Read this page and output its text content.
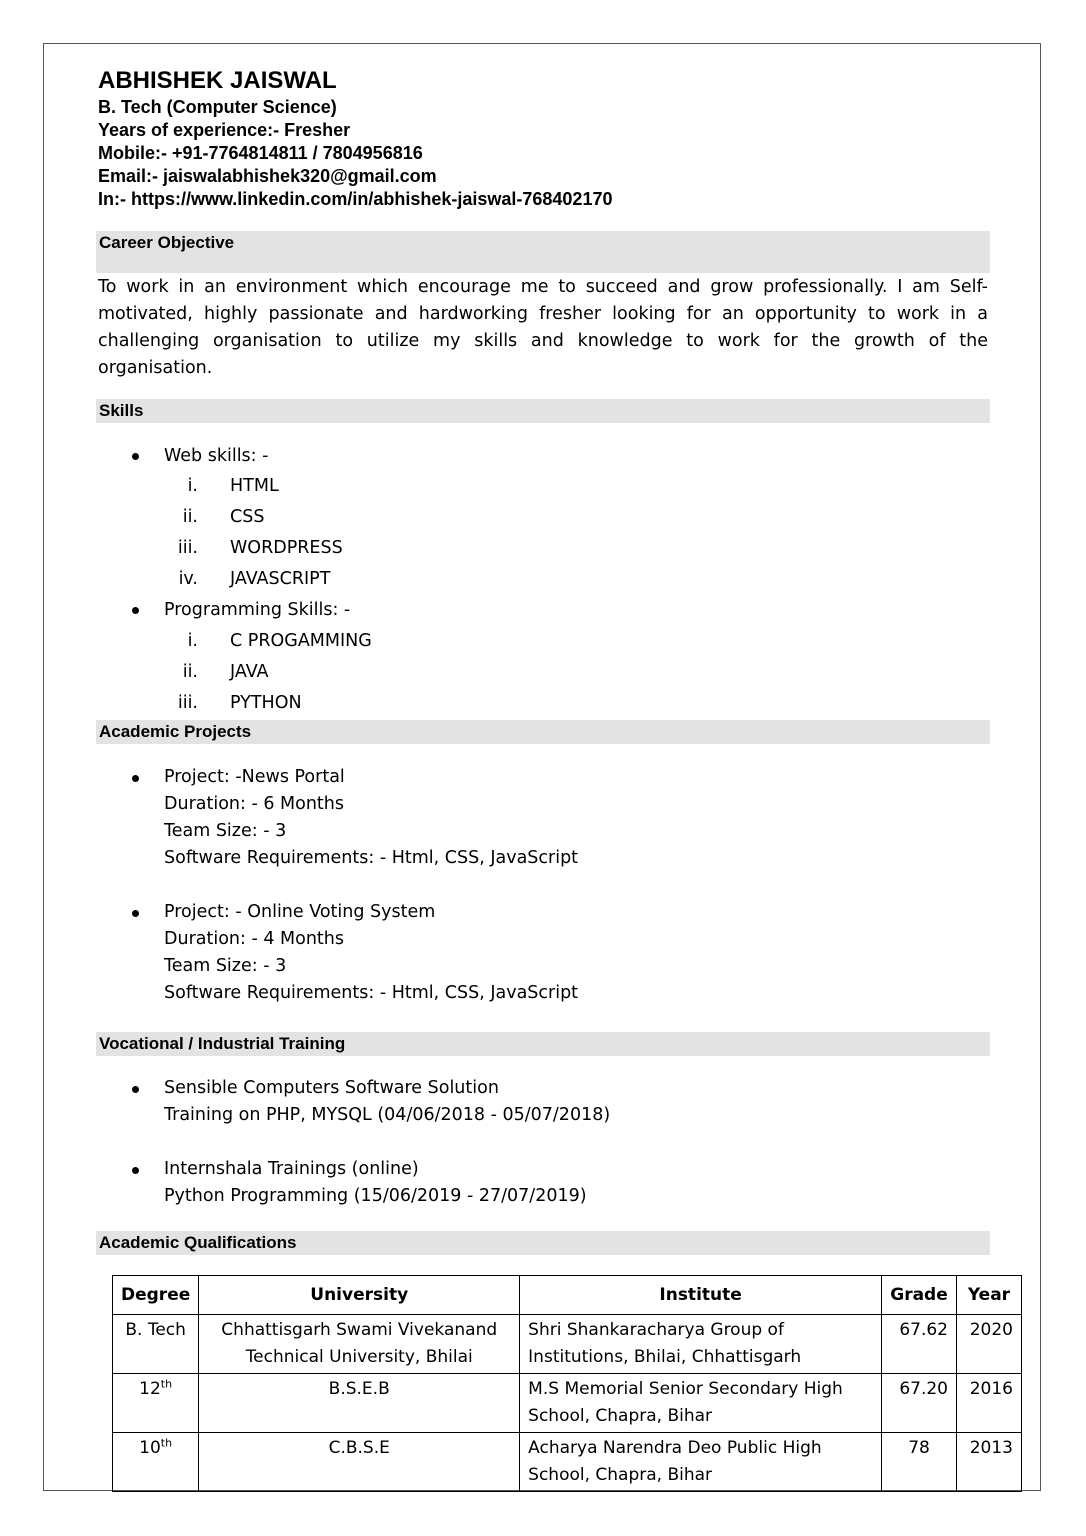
ABHISHEK JAISWAL
B. Tech (Computer Science)
Years of experience:- Fresher
Mobile:- +91-7764814811 / 7804956816
Email:- jaiswalabhishek320@gmail.com
In:- https://www.linkedin.com/in/abhishek-jaiswal-768402170
Career Objective
To work in an environment which encourage me to succeed and grow professionally. I am Self-motivated, highly passionate and hardworking fresher looking for an opportunity to work in a challenging organisation to utilize my skills and knowledge to work for the growth of the organisation.
Skills
Web skills: -
i. HTML
ii. CSS
iii. WORDPRESS
iv. JAVASCRIPT
Programming Skills: -
i. C PROGAMMING
ii. JAVA
iii. PYTHON
Academic Projects
Project: -News Portal
Duration: - 6 Months
Team Size: - 3
Software Requirements: - Html, CSS, JavaScript
Project: - Online Voting System
Duration: - 4 Months
Team Size: - 3
Software Requirements: - Html, CSS, JavaScript
Vocational / Industrial Training
Sensible Computers Software Solution
Training on PHP, MYSQL (04/06/2018 - 05/07/2018)
Internshala Trainings (online)
Python Programming (15/06/2019 - 27/07/2019)
Academic Qualifications
Degree	University	Institute	Grade	Year
B. Tech	Chhattisgarh Swami Vivekanand Technical University, Bhilai	Shri Shankaracharya Group of Institutions, Bhilai, Chhattisgarh	67.62	2020
12th	B.S.E.B	M.S Memorial Senior Secondary High School, Chapra, Bihar	67.20	2016
10th	C.B.S.E	Acharya Narendra Deo Public High School, Chapra, Bihar	78	2013
